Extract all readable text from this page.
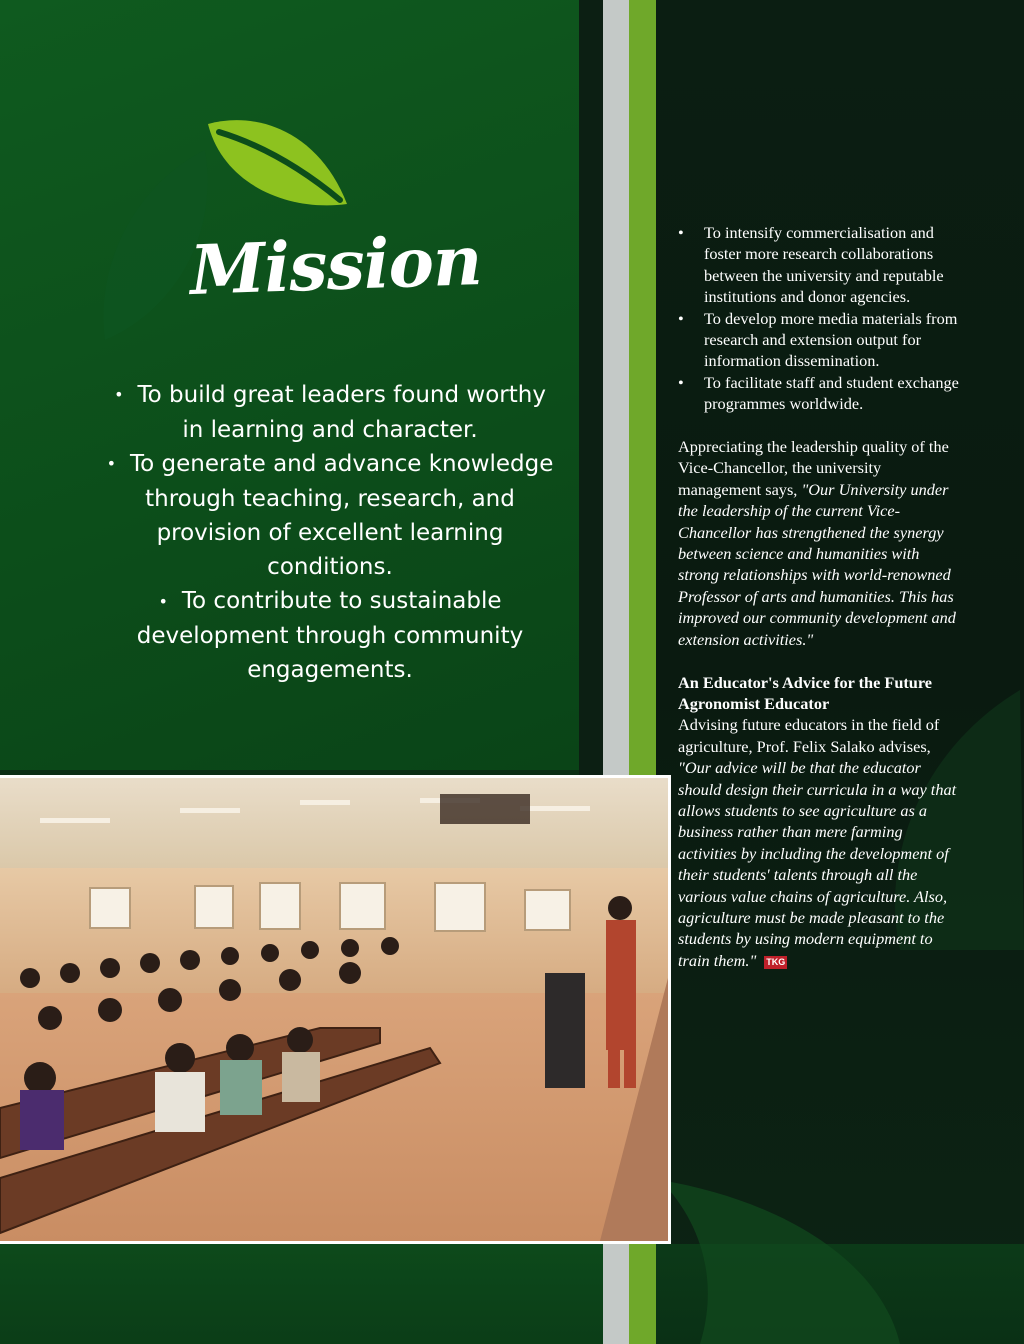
Mission

• To build great leaders found worthy in learning and character.

• To generate and advance knowledge through teaching, research, and provision of excellent learning conditions.

• To contribute to sustainable development through community engagements.

• To intensify commercialisation and foster more research collaborations between the university and reputable institutions and donor agencies.
• To develop more media materials from research and extension output for information dissemination.
• To facilitate staff and student exchange programmes worldwide.

Appreciating the leadership quality of the Vice-Chancellor, the university management says, "Our University under the leadership of the current Vice-Chancellor has strengthened the synergy between science and humanities with strong relationships with world-renowned Professor of arts and humanities. This has improved our community development and extension activities."

An Educator's Advice for the Future Agronomist Educator

Advising future educators in the field of agriculture, Prof. Felix Salako advises, "Our advice will be that the educator should design their curricula in a way that allows students to see agriculture as a business rather than mere farming activities by including the development of their students' talents through all the various value chains of agriculture. Also, agriculture must be made pleasant to the students by using modern equipment to train them." TKG
